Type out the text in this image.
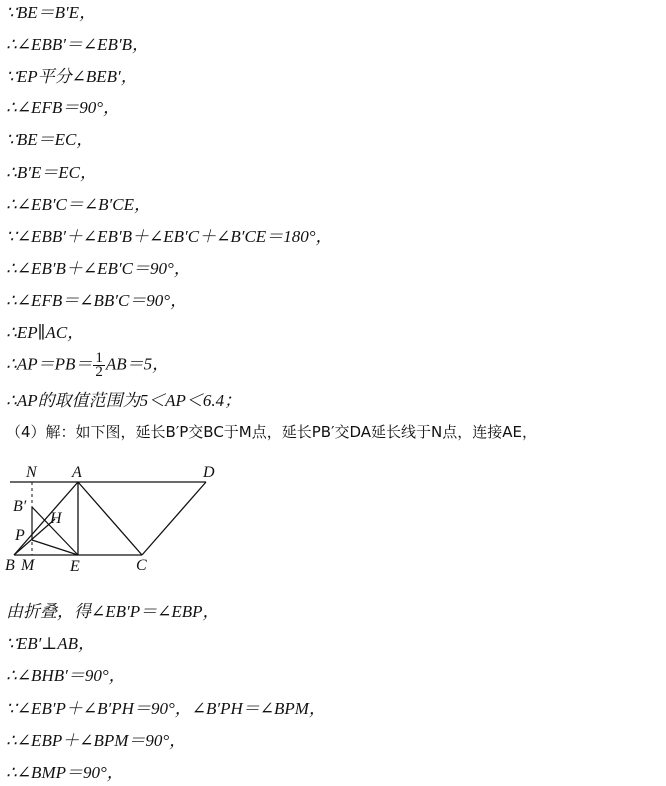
∵BE＝B′E，
∴∠EBB′＝∠EB′B，
∵EP平分∠BEB′，
∴∠EFB＝90°，
∵BE＝EC，
∴B′E＝EC，
∴∠EB′C＝∠B′CE，
∵∠EBB′＋∠EB′B＋∠EB′C＋∠B′CE＝180°，
∴∠EB′B＋∠EB′C＝90°，
∴∠EFB＝∠BB′C＝90°，
∴EP∥AC，
∴AP＝PB＝ $\frac{1}{2} AB=5$，
∴AP的取值范围为5＜AP＜6.4；
（4）解：如下图，延长B′P交BC于M点，延长PB′交DA延长线于N点，连接AE，
N A	D
B′
H
P
B M E	C
由折叠，得∠EB′P＝∠EBP，
∵EB′⊥AB，
∴∠BHB′＝90°，
∵∠EB′P＋∠B′PH＝90°，∠B′PH＝∠BPM，
∴∠EBP＋∠BPM＝90°，
∴∠BMP＝90°，
